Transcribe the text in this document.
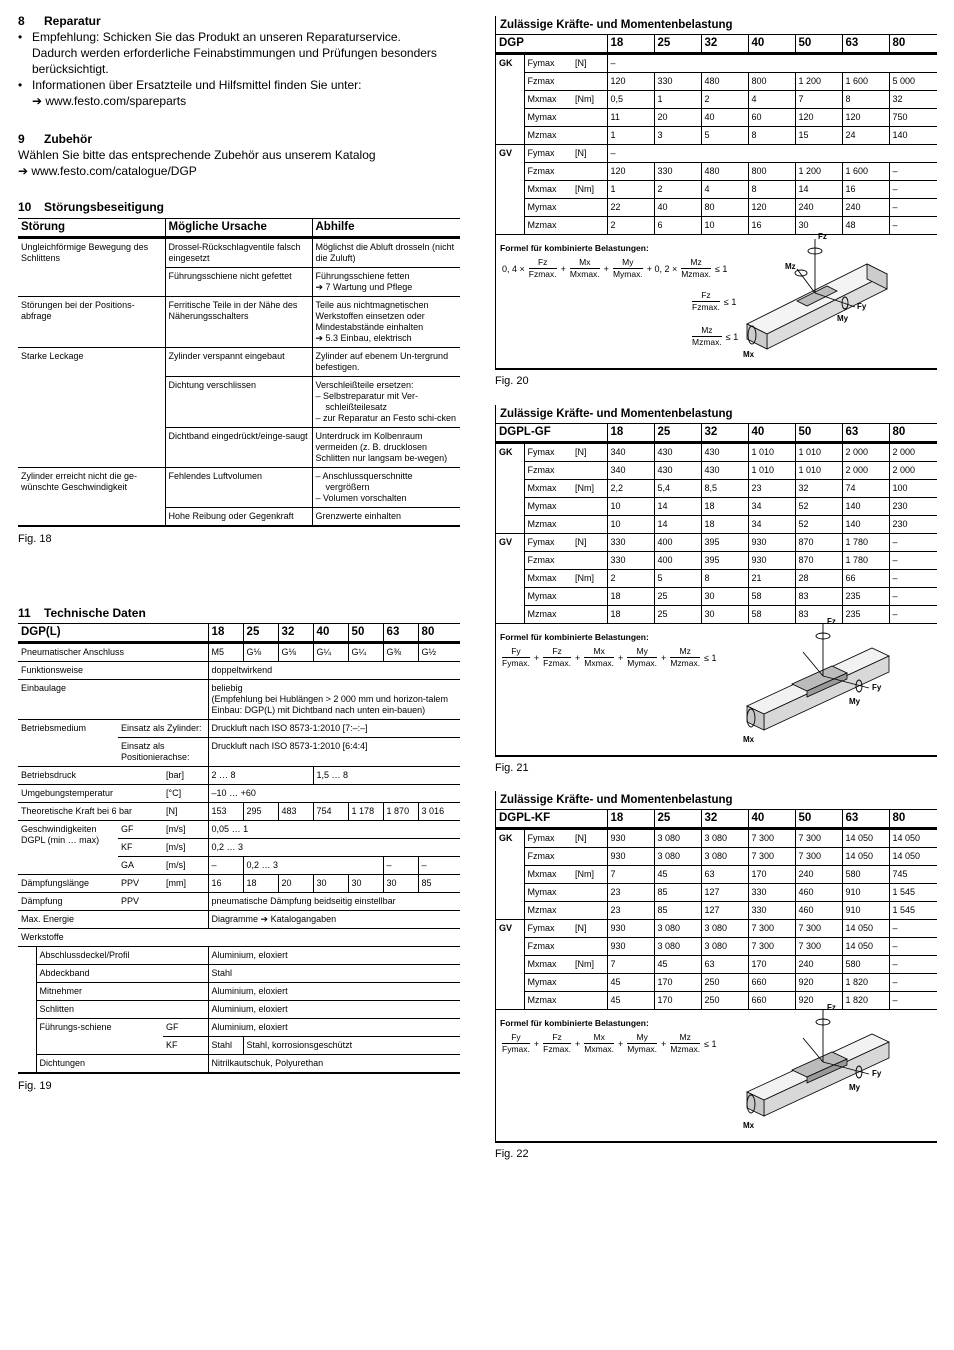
8 Reparatur
• Empfehlung: Schicken Sie das Produkt an unseren Reparaturservice.
Dadurch werden erforderliche Feinabstimmungen und Prüfungen besonders
berücksichtigt.
• Informationen über Ersatzteile und Hilfsmittel finden Sie unter:
➔ www.festo.com/spareparts
9 Zubehör
Wählen Sie bitte das entsprechende Zubehör aus unserem Katalog
➔ www.festo.com/catalogue/DGP
10 Störungsbeseitigung
Störung	Mögliche Ursache	Abhilfe
Ungleichförmige Bewegung des Schlittens	Drossel-Rückschlagventile falsch eingesetzt	Möglichst die Abluft drosseln (nicht die Zuluft)

	Führungsschiene nicht gefettet	Führungsschiene fetten
➔ 7 Wartung und Pflege

Störungen bei der Positions-abfrage	Ferritische Teile in der Nähe des Näherungsschalters	Teile aus nichtmagnetischen Werkstoffen einsetzen oder Mindestabstände einhalten
➔ 5.3 Einbau, elektrisch

Starke Leckage	Zylinder verspannt eingebaut	Zylinder auf ebenem Un-tergrund befestigen.

	Dichtung verschlissen	Verschleißteile ersetzen:
– Selbstreparatur mit Ver-schleißteilesatz
– zur Reparatur an Festo schi-cken

	Dichtband eingedrückt/einge-saugt	Unterdruck im Kolbenraum vermeiden (z. B. drucklosen Schlitten nur langsam be-wegen)

Zylinder erreicht nicht die ge-wünschte Geschwindigkeit	Fehlendes Luftvolumen	– Anschlussquerschnitte vergrößern
– Volumen vorschalten

	Hohe Reibung oder Gegenkraft	Grenzwerte einhalten
Fig. 18
11 Technische Daten
DGP(L)				18	25	32	40	50	63	80
Pneumatischer Anschluss				M5	G⅛	G⅛	G¼	G¼	G⅜	G½
Funktionsweise				doppeltwirkend						
Einbaulage				beliebig
(Empfehlung bei Hublängen > 2 000 mm und horizon-talem Einbau: DGP(L) mit Dichtband nach unten ein-bauen)						

Betriebsmedium		Einsatz als Zylinder:		Druckluft nach ISO 8573-1:2010 [7:–:–]						
		Einsatz als Positionierachse:		Druckluft nach ISO 8573-1:2010 [6:4:4]						
Betriebsdruck			[bar]	2 … 8			1,5 … 8			
Umgebungstemperatur			[°C]	–10 … +60						
Theoretische Kraft bei 6 bar			[N]	153	295	483	754	1 178	1 870	3 016
Geschwindigkeiten DGPL (min … max)		GF	[m/s]	0,05 … 1						
		KF	[m/s]	0,2 … 3						
		GA	[m/s]	–	0,2 … 3				–	–
Dämpfungslänge		PPV	[mm]	16	18	20	30	30	30	85
Dämpfung		PPV		pneumatische Dämpfung beidseitig einstellbar						
Max. Energie				Diagramme ➔ Katalogangaben						
Werkstoffe										
	Abschlussdeckel/Profil			Aluminium, eloxiert						
	Abdeckband			Stahl						
	Mitnehmer			Aluminium, eloxiert						
	Schlitten			Aluminium, eloxiert						
	Führungs-schiene		GF	Aluminium, eloxiert						
			KF	Stahl	Stahl, korrosionsgeschützt					
	Dichtungen			Nitrilkautschuk, Polyurethan						
Fig. 19
Zulässige Kräfte- und Momentenbelastung
DGP			18	25	32	40	50	63	80
GK	Fymax	[N]	–						
	Fzmax		120	330	480	800	1 200	1 600	5 000
	Mxmax	[Nm]	0,5	1	2	4	7	8	32
	Mymax		11	20	40	60	120	120	750
	Mzmax		1	3	5	8	15	24	140
GV	Fymax	[N]	–						
	Fzmax		120	330	480	800	1 200	1 600	–
	Mxmax	[Nm]	1	2	4	8	14	16	–
	Mymax		22	40	80	120	240	240	–
	Mzmax		2	6	10	16	30	48	–
Formel für kombinierte Belastungen:
0, $4 \times \frac{Fz}{Fzmax.} + \frac{Mx}{Mxmax.} + \frac{My}{Mymax.} + 0$, $2 \times \frac{Mz}{Mzmax.} \le 1$
$\frac{Fz}{Fzmax.} \le 1$
$\frac{Mz}{Mzmax.} \le 1$
Fz
Mz
Fy
My
Mx
Fig. 20
Zulässige Kräfte- und Momentenbelastung
DGPL-GF			18	25	32	40	50	63	80
GK	Fymax	[N]	340	430	430	1 010	1 010	2 000	2 000
	Fzmax		340	430	430	1 010	1 010	2 000	2 000
	Mxmax	[Nm]	2,2	5,4	8,5	23	32	74	100
	Mymax		10	14	18	34	52	140	230
	Mzmax		10	14	18	34	52	140	230
GV	Fymax	[N]	330	400	395	930	870	1 780	–
	Fzmax		330	400	395	930	870	1 780	–
	Mxmax	[Nm]	2	5	8	21	28	66	–
	Mymax		18	25	30	58	83	235	–
	Mzmax		18	25	30	58	83	235	–
Formel für kombinierte Belastungen:
$\frac{Fy}{Fymax.} + \frac{Fz}{Fzmax.} + \frac{Mx}{Mxmax.} + \frac{My}{Mymax.} + \frac{Mz}{Mzmax.} \le 1$
Fz
Fy
My
Mx
Fig. 21
Zulässige Kräfte- und Momentenbelastung
DGPL-KF			18	25	32	40	50	63	80
GK	Fymax	[N]	930	3 080	3 080	7 300	7 300	14 050	14 050
	Fzmax		930	3 080	3 080	7 300	7 300	14 050	14 050
	Mxmax	[Nm]	7	45	63	170	240	580	745
	Mymax		23	85	127	330	460	910	1 545
	Mzmax		23	85	127	330	460	910	1 545
GV	Fymax	[N]	930	3 080	3 080	7 300	7 300	14 050	–
	Fzmax		930	3 080	3 080	7 300	7 300	14 050	–
	Mxmax	[Nm]	7	45	63	170	240	580	–
	Mymax		45	170	250	660	920	1 820	–
	Mzmax		45	170	250	660	920	1 820	–
Formel für kombinierte Belastungen:
$\frac{Fy}{Fymax.} + \frac{Fz}{Fzmax.} + \frac{Mx}{Mxmax.} + \frac{My}{Mymax.} + \frac{Mz}{Mzmax.} \le 1$
Fz
Fy
My
Mx
Fig. 22
